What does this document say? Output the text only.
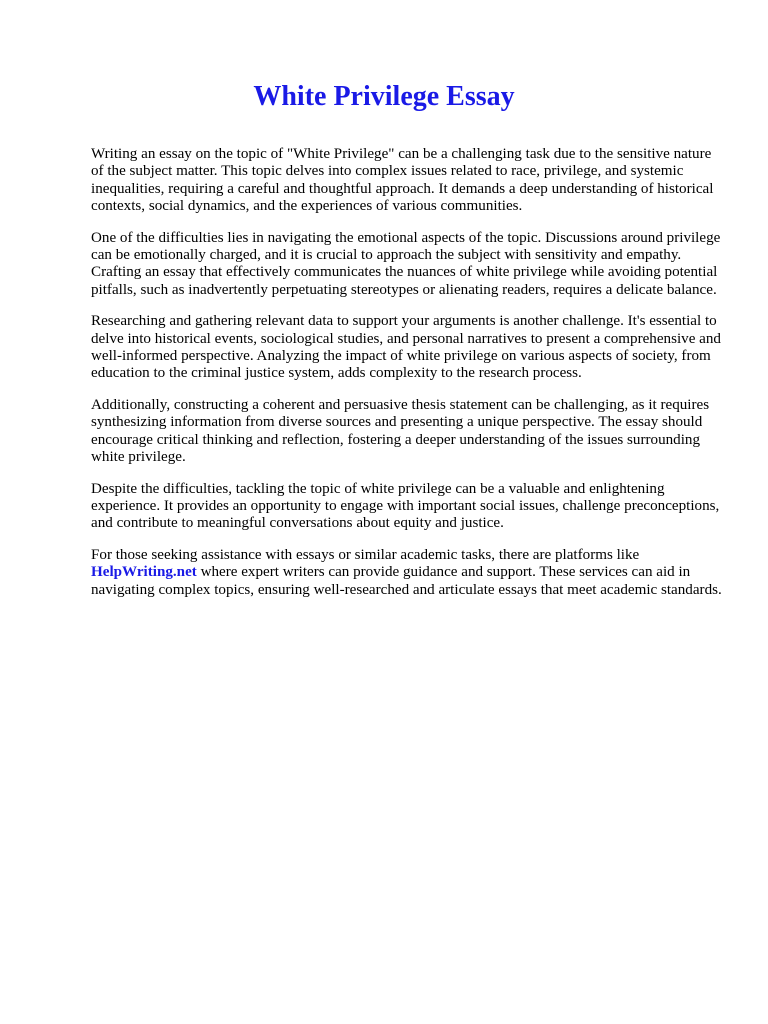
White Privilege Essay

Writing an essay on the topic of "White Privilege" can be a challenging task due to the sensitive nature of the subject matter. This topic delves into complex issues related to race, privilege, and systemic inequalities, requiring a careful and thoughtful approach. It demands a deep understanding of historical contexts, social dynamics, and the experiences of various communities.

One of the difficulties lies in navigating the emotional aspects of the topic. Discussions around privilege can be emotionally charged, and it is crucial to approach the subject with sensitivity and empathy. Crafting an essay that effectively communicates the nuances of white privilege while avoiding potential pitfalls, such as inadvertently perpetuating stereotypes or alienating readers, requires a delicate balance.

Researching and gathering relevant data to support your arguments is another challenge. It's essential to delve into historical events, sociological studies, and personal narratives to present a comprehensive and well-informed perspective. Analyzing the impact of white privilege on various aspects of society, from education to the criminal justice system, adds complexity to the research process.

Additionally, constructing a coherent and persuasive thesis statement can be challenging, as it requires synthesizing information from diverse sources and presenting a unique perspective. The essay should encourage critical thinking and reflection, fostering a deeper understanding of the issues surrounding white privilege.

Despite the difficulties, tackling the topic of white privilege can be a valuable and enlightening experience. It provides an opportunity to engage with important social issues, challenge preconceptions, and contribute to meaningful conversations about equity and justice.

For those seeking assistance with essays or similar academic tasks, there are platforms like HelpWriting.net where expert writers can provide guidance and support. These services can aid in navigating complex topics, ensuring well-researched and articulate essays that meet academic standards.
